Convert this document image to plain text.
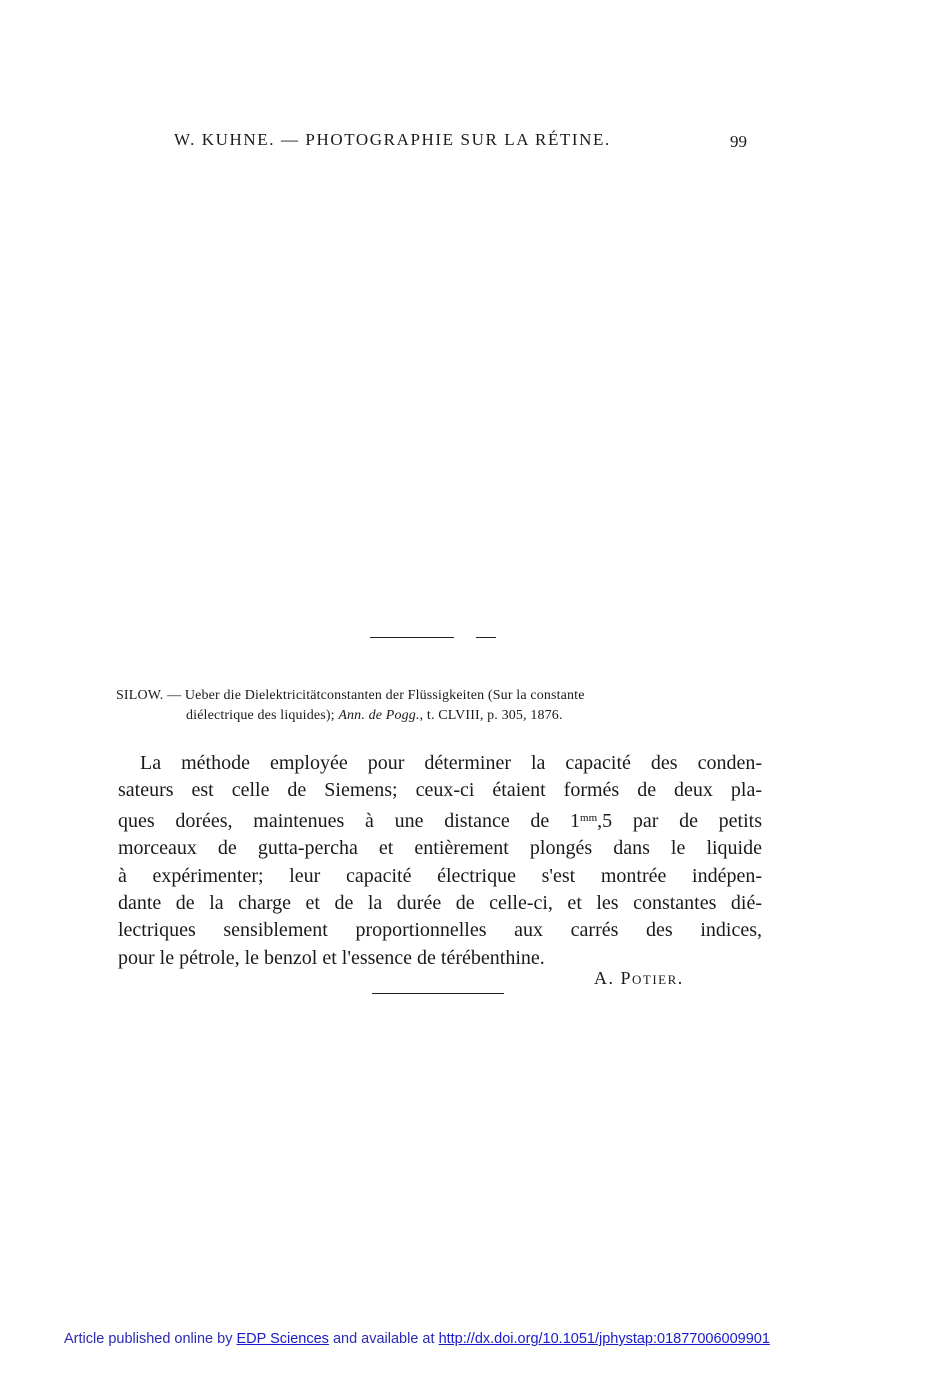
W. KUHNE. — PHOTOGRAPHIE SUR LA RÉTINE.	99
SILOW. — Ueber die Dielektricitätconstanten der Flüssigkeiten (Sur la constante
diélectrique des liquides); Ann. de Pogg., t. CLVIII, p. 305, 1876.
La méthode employée pour déterminer la capacité des conden-
sateurs est celle de Siemens; ceux-ci étaient formés de deux pla-
ques dorées, maintenues à une distance de $1^{mm},5$ par de petits
morceaux de gutta-percha et entièrement plongés dans le liquide
à expérimenter; leur capacité électrique s'est montrée indépen-
dante de la charge et de la durée de celle-ci, et les constantes dié-
lectriques sensiblement proportionnelles aux carrés des indices,
pour le pétrole, le benzol et l'essence de térébenthine.
A. Potier.
Article published online by EDP Sciences and available at http://dx.doi.org/10.1051/jphystap:01877006009901
